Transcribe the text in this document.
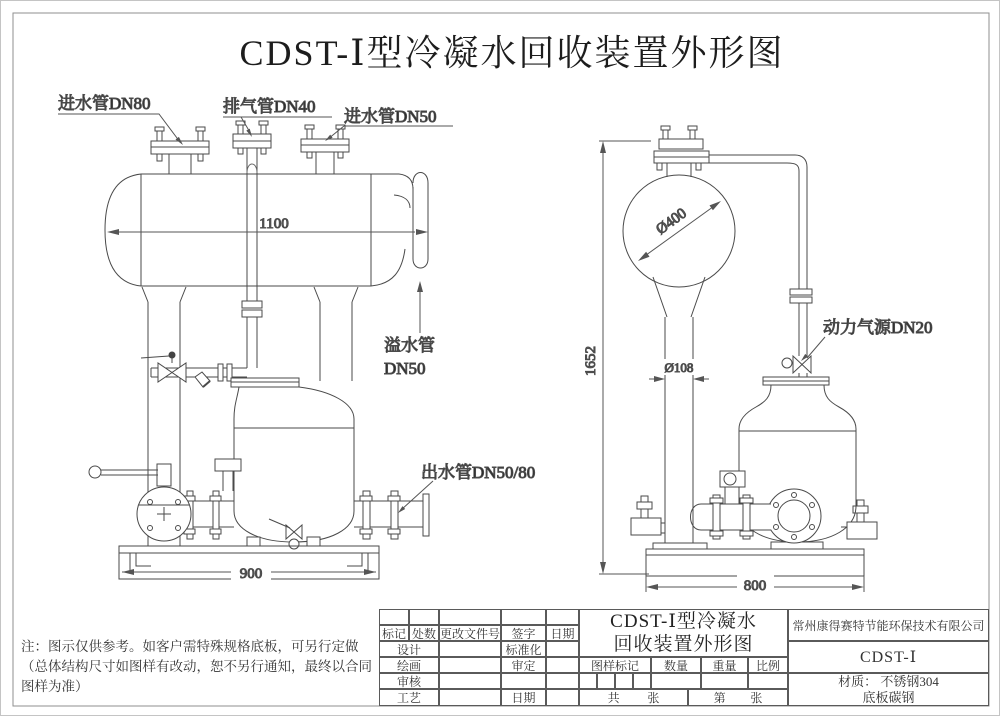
CDST-Ⅰ型冷凝水回收装置外形图
进水管DN80	排气管DN40
进水管DN50
1100
溢水管
DN50
出水管DN50/80
900
Ø400
Ø108
1652
动力气源DN20
800
注：图示仅供参考。如客户需特殊规格底板，可另行定做
（总体结构尺寸如图样有改动，恕不另行通知，最终以合同
图样为准）
标记 处数 更改文件号 签字	日期
设计	标准化
绘画	审定
审核
工艺	日期
CDST-Ⅰ型冷凝水
回收装置外形图
图样标记	数量	重量	比例
共 张	第 张
常州康得赛特节能环保技术有限公司
CDST-Ⅰ
材质： 不锈钢304
底板碳钢
